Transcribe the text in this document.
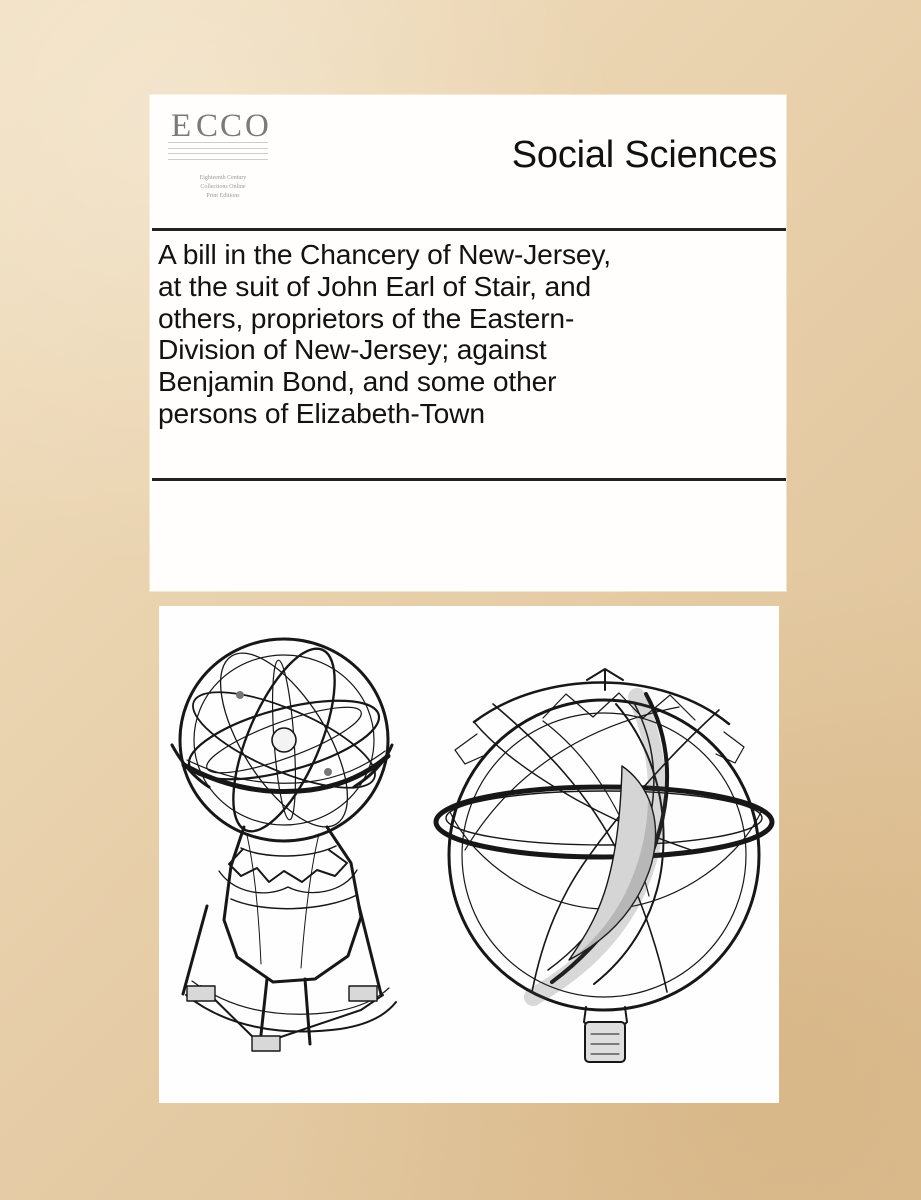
E C C O
Eighteenth Century
Collections Online
Print Editions
Social Sciences
A bill in the Chancery of New-Jersey,
at the suit of John Earl of Stair, and
others, proprietors of the Eastern-
Division of New-Jersey; against
Benjamin Bond, and some other
persons of Elizabeth-Town
